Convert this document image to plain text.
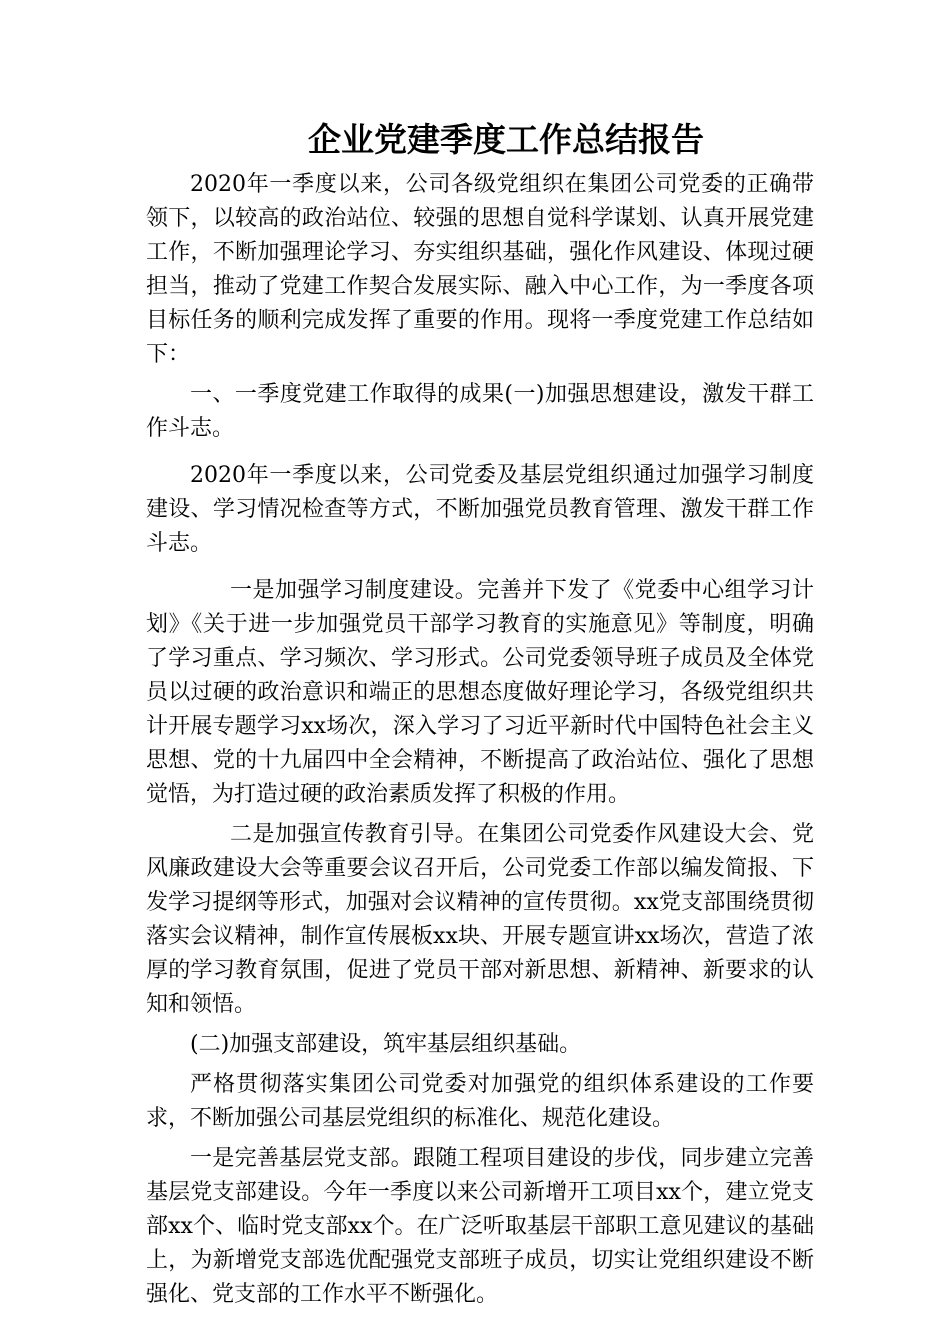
企业党建季度工作总结报告

2020年一季度以来，公司各级党组织在集团公司党委的正确带领下，以较高的政治站位、较强的思想自觉科学谋划、认真开展党建工作，不断加强理论学习、夯实组织基础，强化作风建设、体现过硬担当，推动了党建工作契合发展实际、融入中心工作，为一季度各项目标任务的顺利完成发挥了重要的作用。现将一季度党建工作总结如下：

一、一季度党建工作取得的成果(一)加强思想建设，激发干群工作斗志。

2020年一季度以来，公司党委及基层党组织通过加强学习制度建设、学习情况检查等方式，不断加强党员教育管理、激发干群工作斗志。

一是加强学习制度建设。完善并下发了《党委中心组学习计划》《关于进一步加强党员干部学习教育的实施意见》等制度，明确了学习重点、学习频次、学习形式。公司党委领导班子成员及全体党员以过硬的政治意识和端正的思想态度做好理论学习，各级党组织共计开展专题学习xx场次，深入学习了习近平新时代中国特色社会主义思想、党的十九届四中全会精神，不断提高了政治站位、强化了思想觉悟，为打造过硬的政治素质发挥了积极的作用。

二是加强宣传教育引导。在集团公司党委作风建设大会、党风廉政建设大会等重要会议召开后，公司党委工作部以编发简报、下发学习提纲等形式，加强对会议精神的宣传贯彻。xx党支部围绕贯彻落实会议精神，制作宣传展板xx块、开展专题宣讲xx场次，营造了浓厚的学习教育氛围，促进了党员干部对新思想、新精神、新要求的认知和领悟。

(二)加强支部建设，筑牢基层组织基础。

严格贯彻落实集团公司党委对加强党的组织体系建设的工作要求，不断加强公司基层党组织的标准化、规范化建设。

一是完善基层党支部。跟随工程项目建设的步伐，同步建立完善基层党支部建设。今年一季度以来公司新增开工项目xx个，建立党支部xx个、临时党支部xx个。在广泛听取基层干部职工意见建议的基础上，为新增党支部选优配强党支部班子成员，切实让党组织建设不断强化、党支部的工作水平不断强化。
